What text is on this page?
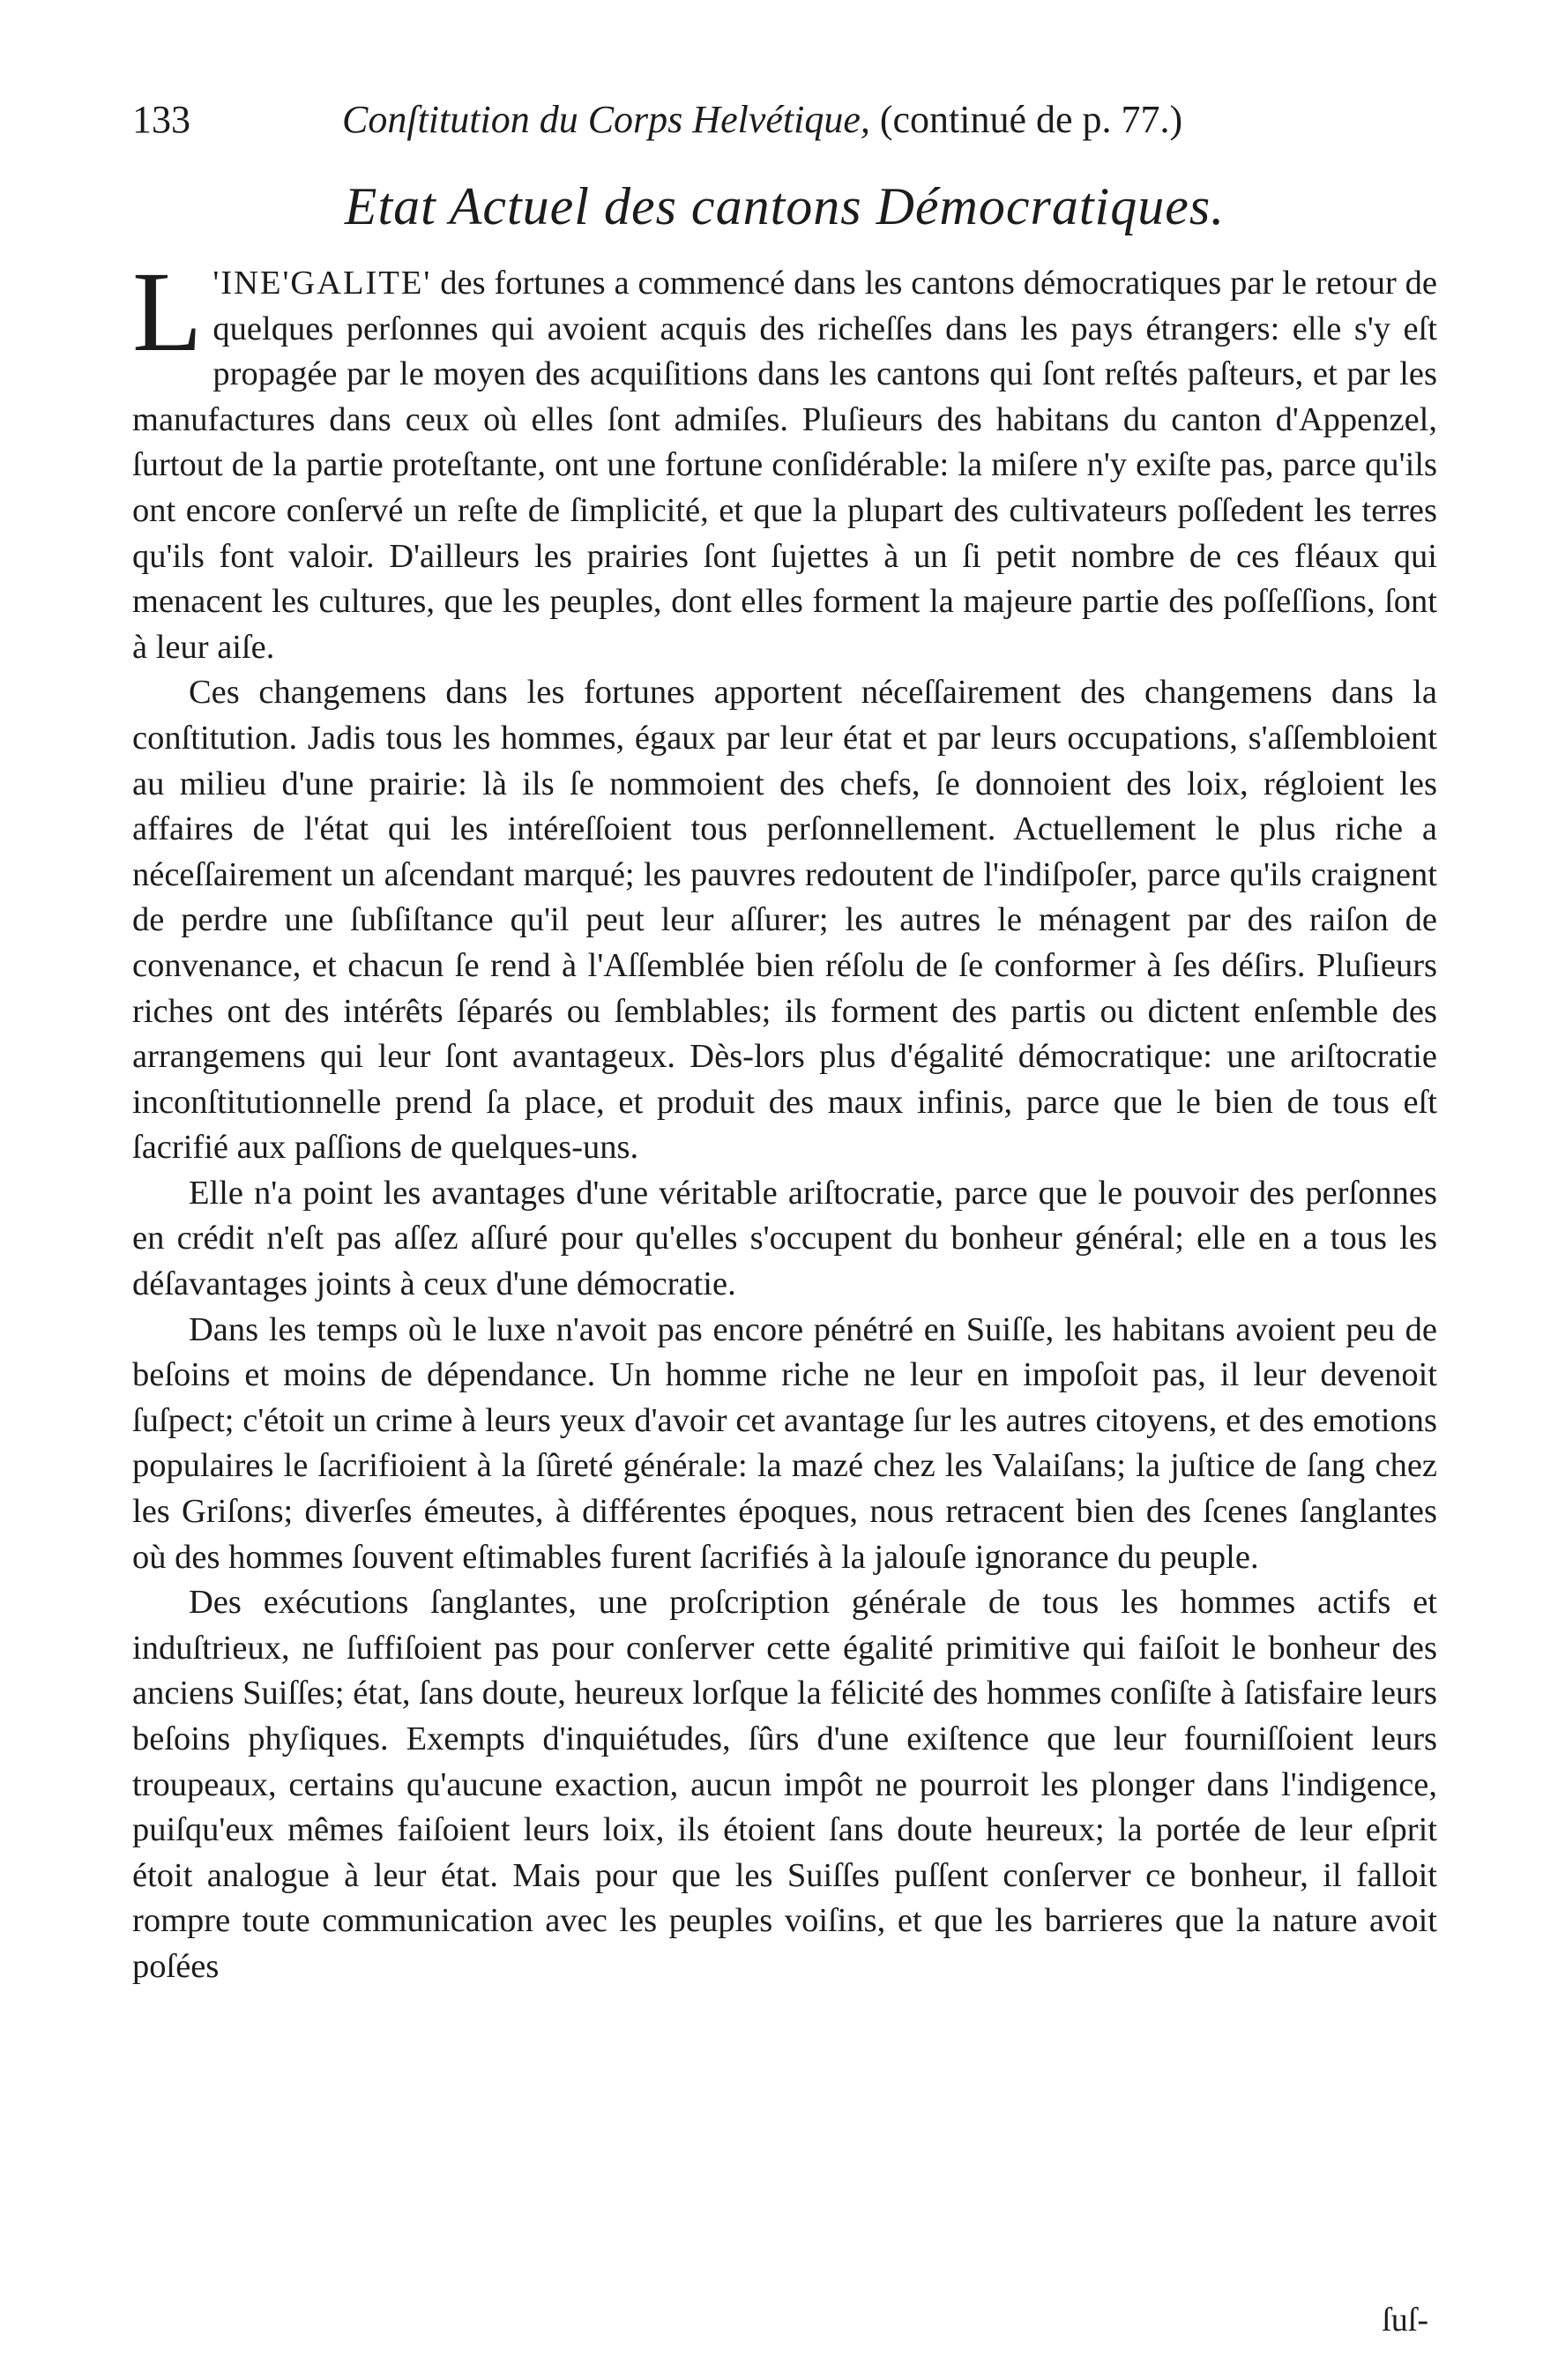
133	Conſtitution du Corps Helvétique, (continué de p. 77.)
Etat Actuel des cantons Démocratiques.

L 'INE'GALITE' des fortunes a commencé dans les cantons démocratiques par le retour de quelques perſonnes qui avoient acquis des richeſſes dans les pays étrangers: elle s'y eſt propagée par le moyen des acquiſitions dans les cantons qui ſont reſtés paſteurs, et par les manufactures dans ceux où elles ſont admiſes. Pluſieurs des habitans du canton d'Appenzel, ſurtout de la partie proteſtante, ont une fortune conſidérable: la miſere n'y exiſte pas, parce qu'ils ont encore conſervé un reſte de ſimplicité, et que la plupart des cultivateurs poſſedent les terres qu'ils font valoir. D'ailleurs les prairies ſont ſujettes à un ſi petit nombre de ces fléaux qui menacent les cultures, que les peuples, dont elles forment la majeure partie des poſſeſſions, ſont à leur aiſe.

Ces changemens dans les fortunes apportent néceſſairement des changemens dans la conſtitution. Jadis tous les hommes, égaux par leur état et par leurs occupations, s'aſſembloient au milieu d'une prairie: là ils ſe nommoient des chefs, ſe donnoient des loix, régloient les affaires de l'état qui les intéreſſoient tous perſonnellement. Actuellement le plus riche a néceſſairement un aſcendant marqué; les pauvres redoutent de l'indiſpoſer, parce qu'ils craignent de perdre une ſubſiſtance qu'il peut leur aſſurer; les autres le ménagent par des raiſon de convenance, et chacun ſe rend à l'Aſſemblée bien réſolu de ſe conformer à ſes déſirs. Pluſieurs riches ont des intérêts ſéparés ou ſemblables; ils forment des partis ou dictent enſemble des arrangemens qui leur ſont avantageux. Dès-lors plus d'égalité démocratique: une ariſtocratie inconſtitutionnelle prend ſa place, et produit des maux infinis, parce que le bien de tous eſt ſacrifié aux paſſions de quelques-uns.

Elle n'a point les avantages d'une véritable ariſtocratie, parce que le pouvoir des perſonnes en crédit n'eſt pas aſſez aſſuré pour qu'elles s'occupent du bonheur général; elle en a tous les déſavantages joints à ceux d'une démocratie.

Dans les temps où le luxe n'avoit pas encore pénétré en Suiſſe, les habitans avoient peu de beſoins et moins de dépendance. Un homme riche ne leur en impoſoit pas, il leur devenoit ſuſpect; c'étoit un crime à leurs yeux d'avoir cet avantage ſur les autres citoyens, et des emotions populaires le ſacrifioient à la ſûreté générale: la mazé chez les Valaiſans; la juſtice de ſang chez les Griſons; diverſes émeutes, à différentes époques, nous retracent bien des ſcenes ſanglantes où des hommes ſouvent eſtimables furent ſacrifiés à la jalouſe ignorance du peuple.

Des exécutions ſanglantes, une proſcription générale de tous les hommes actifs et induſtrieux, ne ſuffiſoient pas pour conſerver cette égalité primitive qui faiſoit le bonheur des anciens Suiſſes; état, ſans doute, heureux lorſque la félicité des hommes conſiſte à ſatisfaire leurs beſoins phyſiques. Exempts d'inquiétudes, ſûrs d'une exiſtence que leur fourniſſoient leurs troupeaux, certains qu'aucune exaction, aucun impôt ne pourroit les plonger dans l'indigence, puiſqu'eux mêmes faiſoient leurs loix, ils étoient ſans doute heureux; la portée de leur eſprit étoit analogue à leur état. Mais pour que les Suiſſes puſſent conſerver ce bonheur, il falloit rompre toute communication avec les peuples voiſins, et que les barrieres que la nature avoit poſées

ſuſ-
